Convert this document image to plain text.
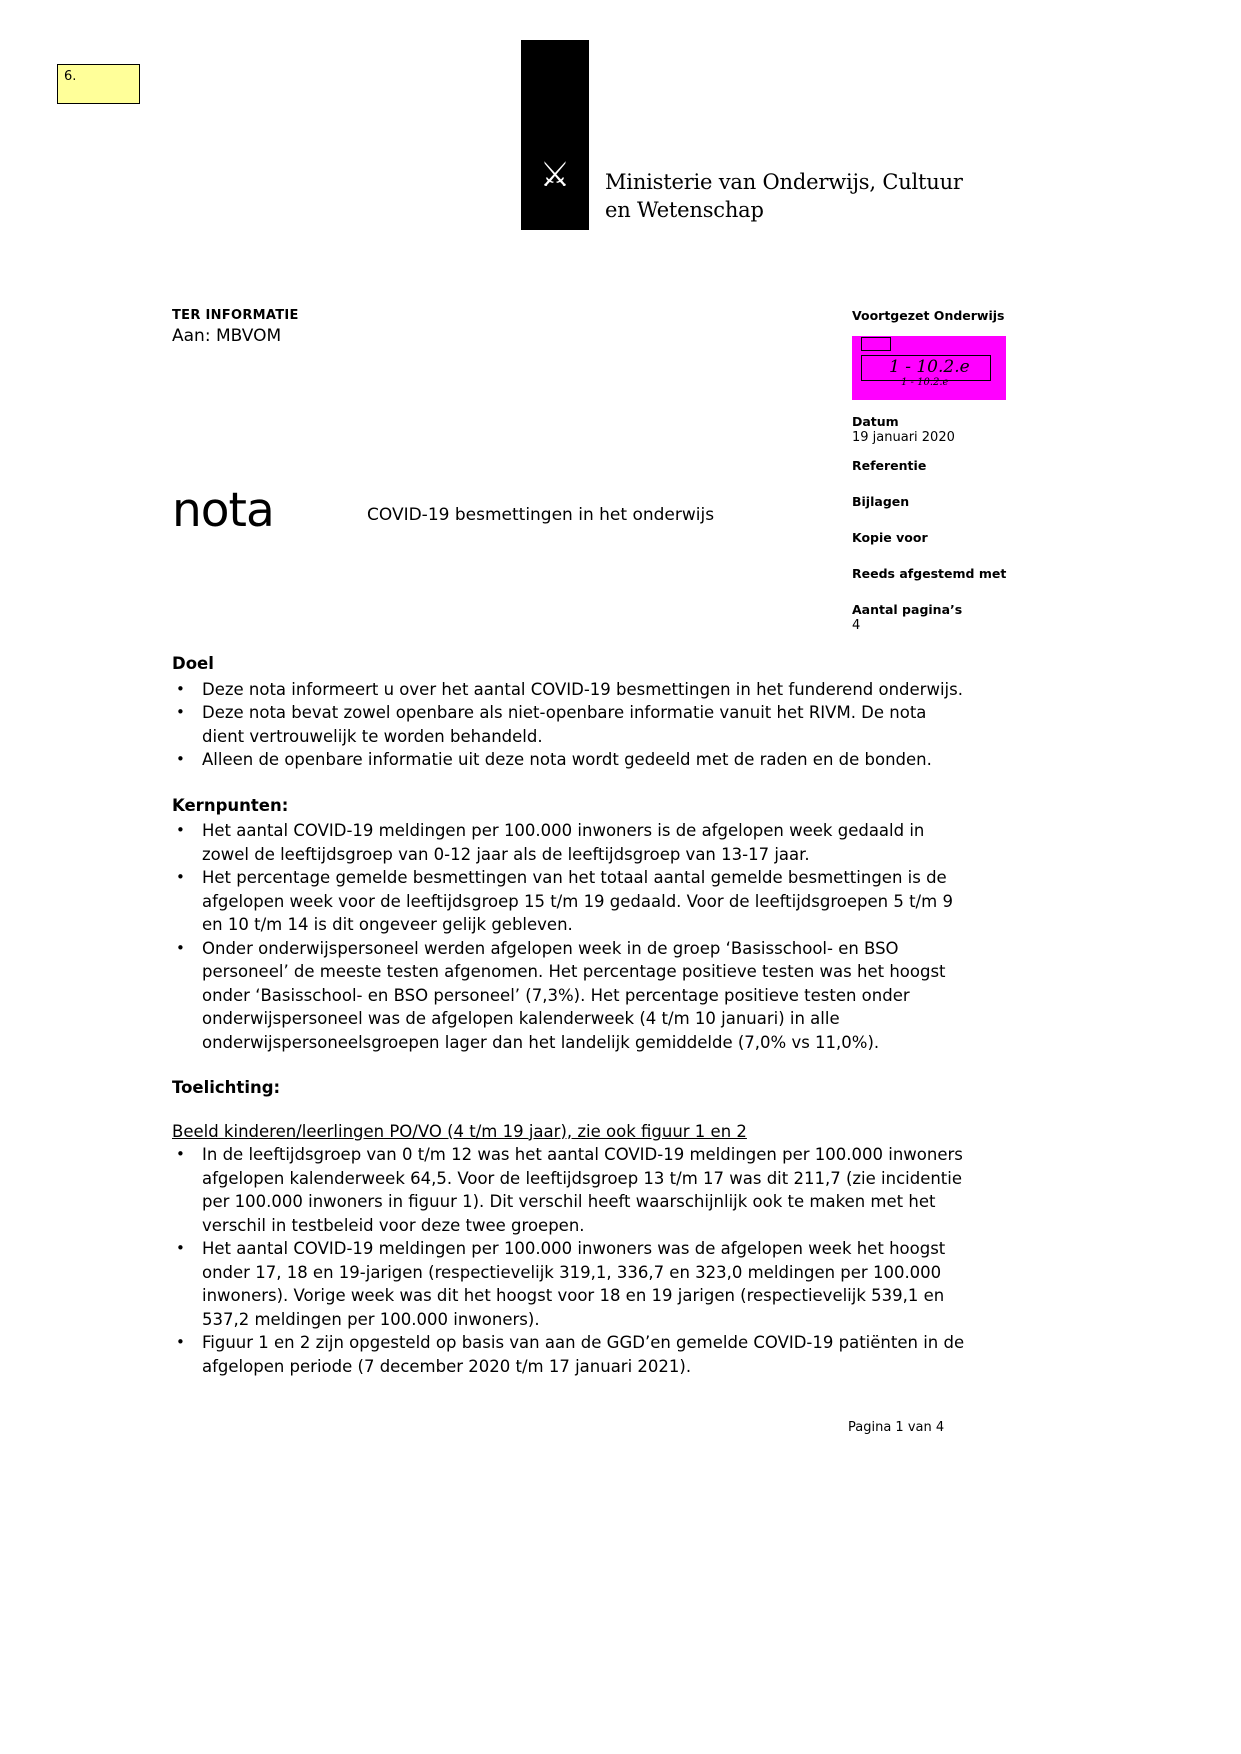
6.
⚔	Ministerie van Onderwijs, Cultuur en Wetenschap
TER INFORMATIE
Aan: MBVOM
nota	COVID-19 besmettingen in het onderwijs
Voortgezet Onderwijs
1 - 10.2.e
1 - 10.2.e
Datum
19 januari 2020
Referentie
Bijlagen
Kopie voor
Reeds afgestemd met
Aantal pagina’s
4
Doel
• Deze nota informeert u over het aantal COVID-19 besmettingen in het funderend onderwijs.
• Deze nota bevat zowel openbare als niet-openbare informatie vanuit het RIVM. De nota dient vertrouwelijk te worden behandeld.
• Alleen de openbare informatie uit deze nota wordt gedeeld met de raden en de bonden.
Kernpunten:
• Het aantal COVID-19 meldingen per 100.000 inwoners is de afgelopen week gedaald in zowel de leeftijdsgroep van 0-12 jaar als de leeftijdsgroep van 13-17 jaar.
• Het percentage gemelde besmettingen van het totaal aantal gemelde besmettingen is de afgelopen week voor de leeftijdsgroep 15 t/m 19 gedaald. Voor de leeftijdsgroepen 5 t/m 9 en 10 t/m 14 is dit ongeveer gelijk gebleven.
• Onder onderwijspersoneel werden afgelopen week in de groep ‘Basisschool- en BSO personeel’ de meeste testen afgenomen. Het percentage positieve testen was het hoogst onder ‘Basisschool- en BSO personeel’ (7,3%). Het percentage positieve testen onder onderwijspersoneel was de afgelopen kalenderweek (4 t/m 10 januari) in alle onderwijspersoneelsgroepen lager dan het landelijk gemiddelde (7,0% vs 11,0%).
Toelichting:
Beeld kinderen/leerlingen PO/VO (4 t/m 19 jaar), zie ook figuur 1 en 2
• In de leeftijdsgroep van 0 t/m 12 was het aantal COVID-19 meldingen per 100.000 inwoners afgelopen kalenderweek 64,5. Voor de leeftijdsgroep 13 t/m 17 was dit 211,7 (zie incidentie per 100.000 inwoners in figuur 1). Dit verschil heeft waarschijnlijk ook te maken met het verschil in testbeleid voor deze twee groepen.
• Het aantal COVID-19 meldingen per 100.000 inwoners was de afgelopen week het hoogst onder 17, 18 en 19-jarigen (respectievelijk 319,1, 336,7 en 323,0 meldingen per 100.000 inwoners). Vorige week was dit het hoogst voor 18 en 19 jarigen (respectievelijk 539,1 en 537,2 meldingen per 100.000 inwoners).
• Figuur 1 en 2 zijn opgesteld op basis van aan de GGD’en gemelde COVID-19 patiënten in de afgelopen periode (7 december 2020 t/m 17 januari 2021).
Pagina 1 van 4
